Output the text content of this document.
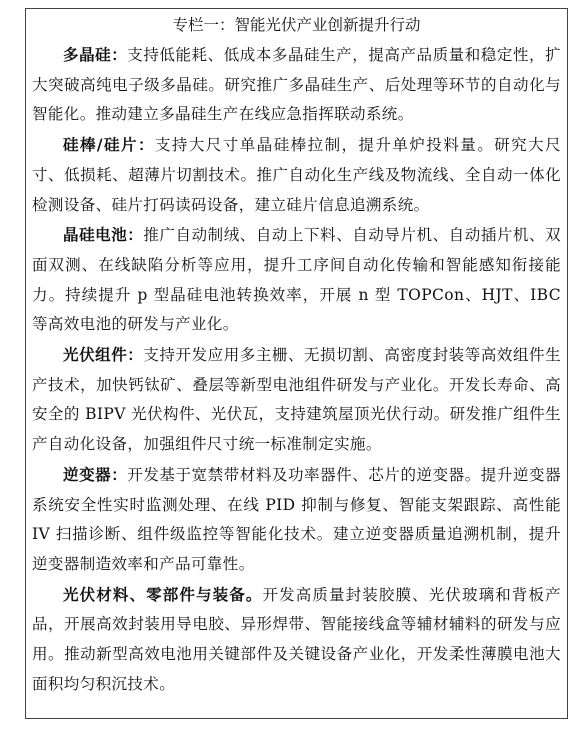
专栏一：智能光伏产业创新提升行动

多晶硅：支持低能耗、低成本多晶硅生产，提高产品质量和稳定性，扩大突破高纯电子级多晶硅。研究推广多晶硅生产、后处理等环节的自动化与智能化。推动建立多晶硅生产在线应急指挥联动系统。

硅棒/硅片：支持大尺寸单晶硅棒拉制，提升单炉投料量。研究大尺寸、低损耗、超薄片切割技术。推广自动化生产线及物流线、全自动一体化检测设备、硅片打码读码设备，建立硅片信息追溯系统。

晶硅电池：推广自动制绒、自动上下料、自动导片机、自动插片机、双面双测、在线缺陷分析等应用，提升工序间自动化传输和智能感知衔接能力。持续提升 p 型晶硅电池转换效率，开展 n 型 TOPCon、HJT、IBC 等高效电池的研发与产业化。

光伏组件：支持开发应用多主栅、无损切割、高密度封装等高效组件生产技术，加快钙钛矿、叠层等新型电池组件研发与产业化。开发长寿命、高安全的 BIPV 光伏构件、光伏瓦，支持建筑屋顶光伏行动。研发推广组件生产自动化设备，加强组件尺寸统一标准制定实施。

逆变器：开发基于宽禁带材料及功率器件、芯片的逆变器。提升逆变器系统安全性实时监测处理、在线 PID 抑制与修复、智能支架跟踪、高性能 IV 扫描诊断、组件级监控等智能化技术。建立逆变器质量追溯机制，提升逆变器制造效率和产品可靠性。

光伏材料、零部件与装备。开发高质量封装胶膜、光伏玻璃和背板产品，开展高效封装用导电胶、异形焊带、智能接线盒等辅材辅料的研发与应用。推动新型高效电池用关键部件及关键设备产业化，开发柔性薄膜电池大面积均匀积沉技术。
